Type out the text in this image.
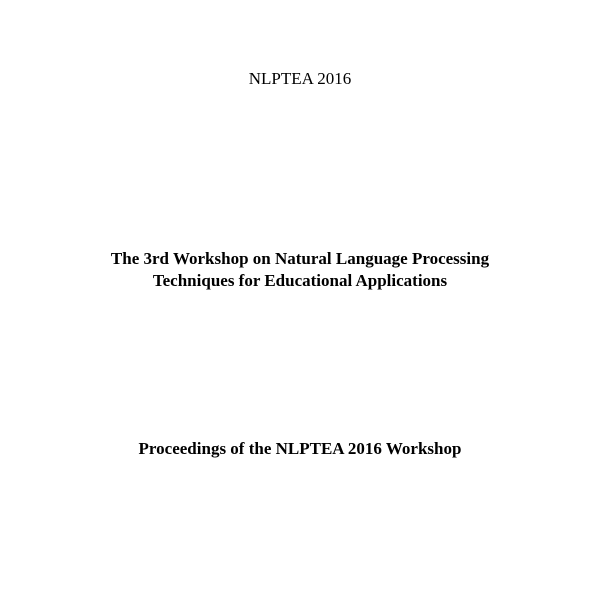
NLPTEA 2016
The 3rd Workshop on Natural Language Processing
Techniques for Educational Applications
Proceedings of the NLPTEA 2016 Workshop
